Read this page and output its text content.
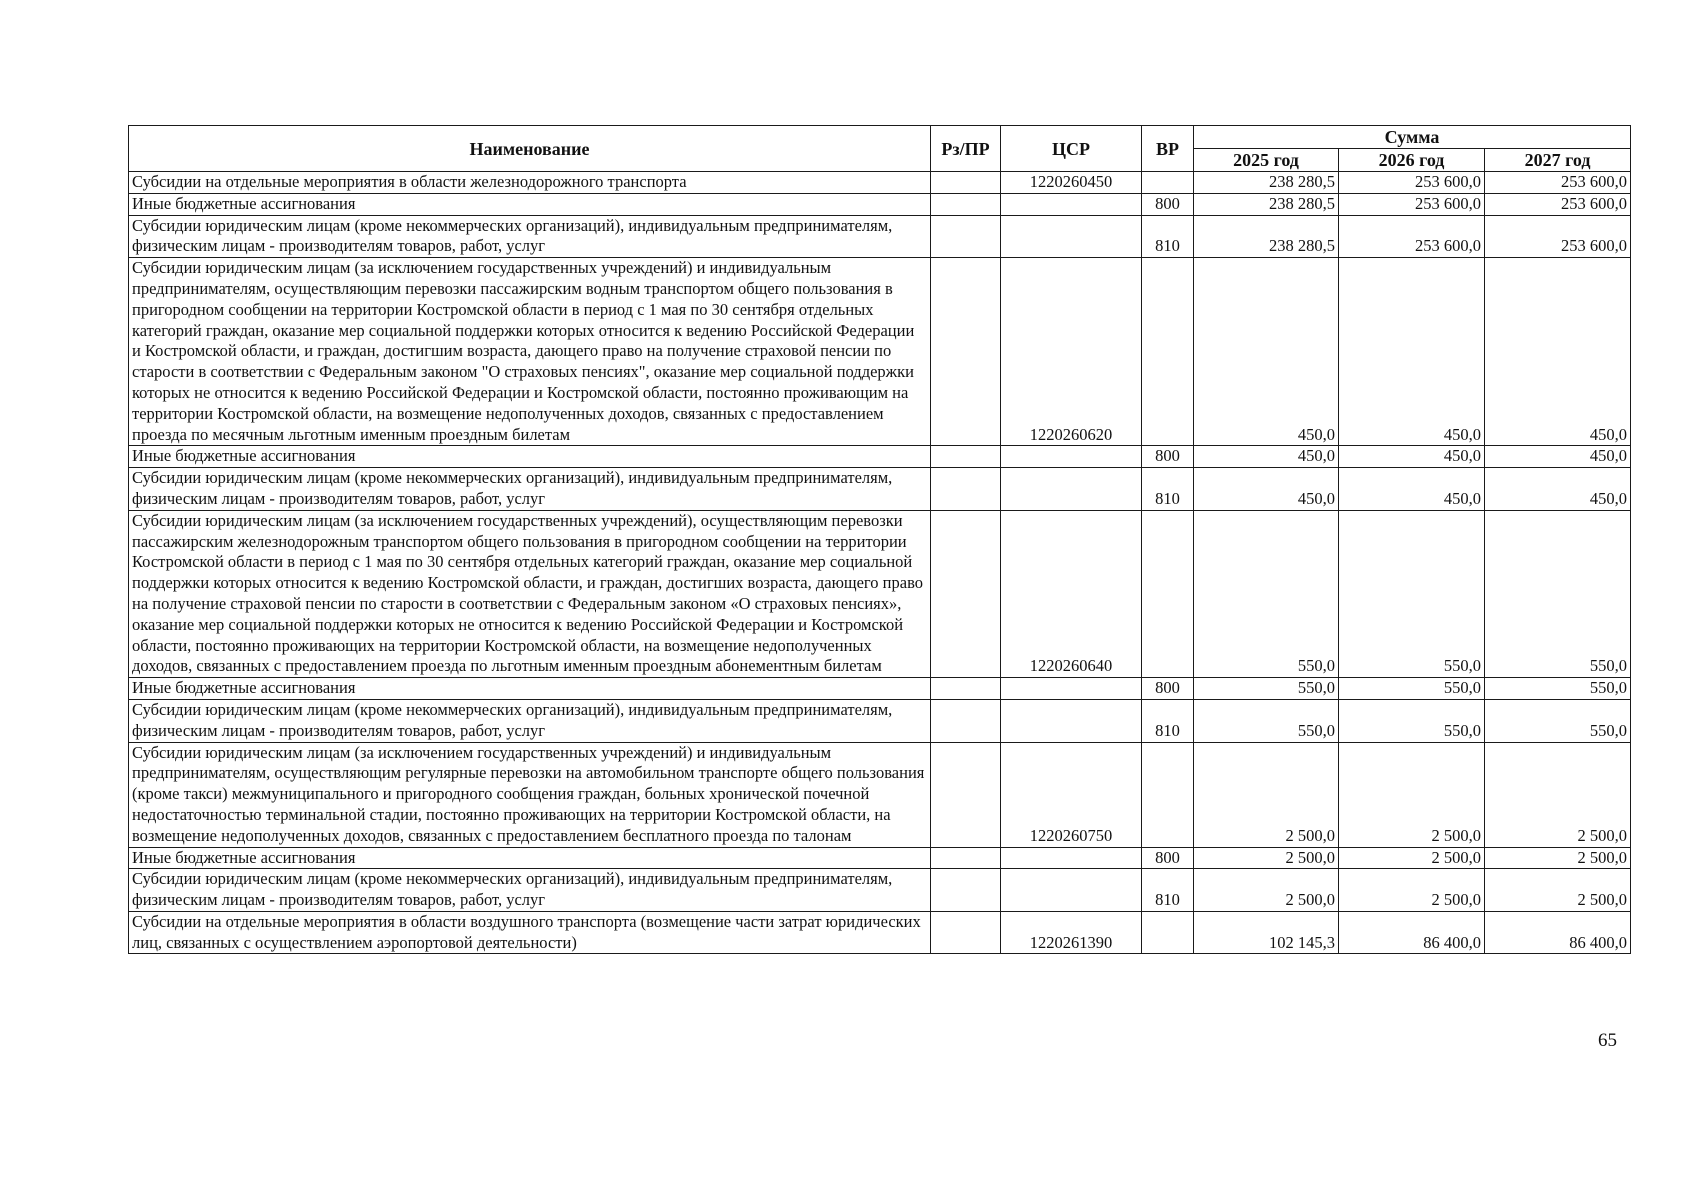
Наименование	Рз/ПР	ЦСР	ВР	Сумма		
				2025 год	2026 год	2027 год
Субсидии на отдельные мероприятия в области железнодорожного транспорта		1220260450		238 280,5	253 600,0	253 600,0
Иные бюджетные ассигнования			800	238 280,5	253 600,0	253 600,0
Субсидии юридическим лицам (кроме некоммерческих организаций), индивидуальным предпринимателям, физическим лицам - производителям товаров, работ, услуг			810	238 280,5	253 600,0	253 600,0
Субсидии юридическим лицам (за исключением государственных учреждений) и индивидуальным предпринимателям, осуществляющим перевозки пассажирским водным транспортом общего пользования в пригородном сообщении на территории Костромской области в период с 1 мая по 30 сентября отдельных категорий граждан, оказание мер социальной поддержки которых относится к ведению Российской Федерации и Костромской области, и граждан, достигшим возраста, дающего право на получение страховой пенсии по старости в соответствии с Федеральным законом "О страховых пенсиях", оказание мер социальной поддержки которых не относится к ведению Российской Федерации и Костромской области, постоянно проживающим на территории Костромской области, на возмещение недополученных доходов, связанных с предоставлением проезда по месячным льготным именным проездным билетам		1220260620		450,0	450,0	450,0
Иные бюджетные ассигнования			800	450,0	450,0	450,0
Субсидии юридическим лицам (кроме некоммерческих организаций), индивидуальным предпринимателям, физическим лицам - производителям товаров, работ, услуг			810	450,0	450,0	450,0
Субсидии юридическим лицам (за исключением государственных учреждений), осуществляющим перевозки пассажирским железнодорожным транспортом общего пользования в пригородном сообщении на территории Костромской области в период с 1 мая по 30 сентября отдельных категорий граждан, оказание мер социальной поддержки которых относится к ведению Костромской области, и граждан, достигших возраста, дающего право на получение страховой пенсии по старости в соответствии с Федеральным законом «О страховых пенсиях», оказание мер социальной поддержки которых не относится к ведению Российской Федерации и Костромской области, постоянно проживающих на территории Костромской области, на возмещение недополученных доходов, связанных с предоставлением проезда по льготным именным проездным абонементным билетам		1220260640		550,0	550,0	550,0
Иные бюджетные ассигнования			800	550,0	550,0	550,0
Субсидии юридическим лицам (кроме некоммерческих организаций), индивидуальным предпринимателям, физическим лицам - производителям товаров, работ, услуг			810	550,0	550,0	550,0
Субсидии юридическим лицам (за исключением государственных учреждений) и индивидуальным предпринимателям, осуществляющим регулярные перевозки на автомобильном транспорте общего пользования (кроме такси) межмуниципального и пригородного сообщения граждан, больных хронической почечной недостаточностью терминальной стадии, постоянно проживающих на территории Костромской области, на возмещение недополученных доходов, связанных с предоставлением бесплатного проезда по талонам		1220260750		2 500,0	2 500,0	2 500,0
Иные бюджетные ассигнования			800	2 500,0	2 500,0	2 500,0
Субсидии юридическим лицам (кроме некоммерческих организаций), индивидуальным предпринимателям, физическим лицам - производителям товаров, работ, услуг			810	2 500,0	2 500,0	2 500,0
Субсидии на отдельные мероприятия в области воздушного транспорта (возмещение части затрат юридических лиц, связанных с осуществлением аэропортовой деятельности)		1220261390		102 145,3	86 400,0	86 400,0
65
